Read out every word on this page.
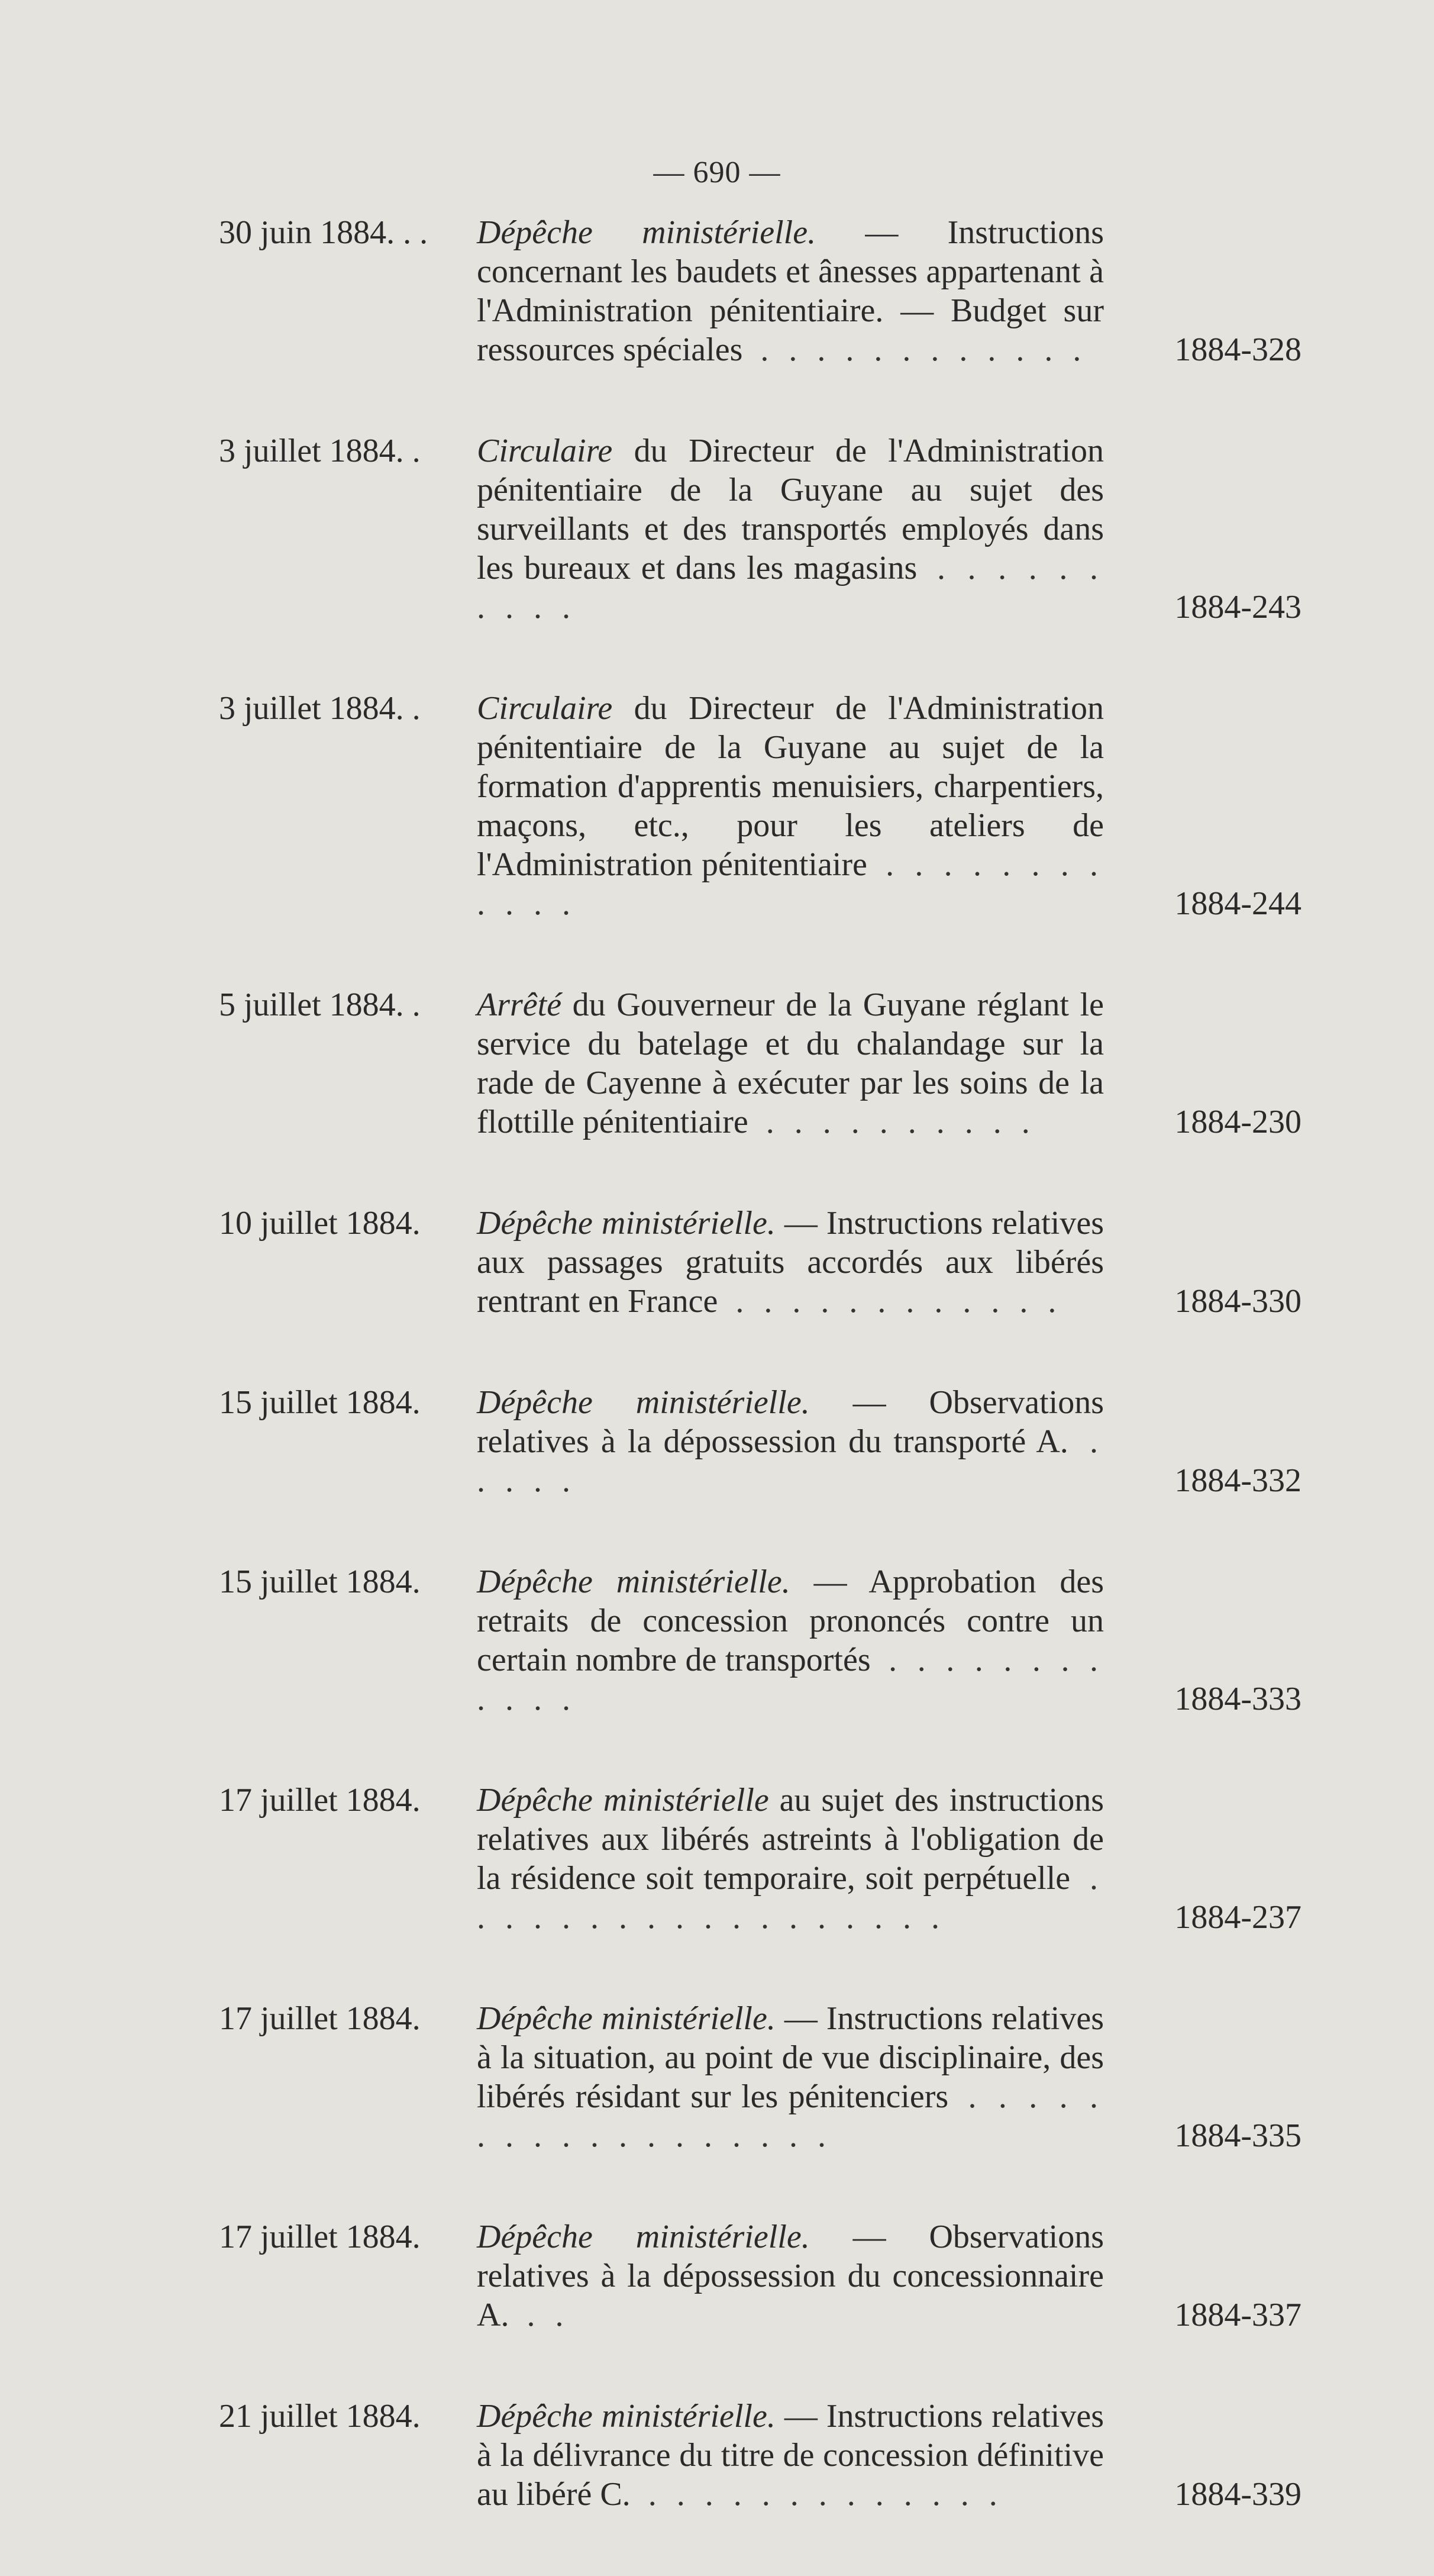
— 690 —
30 juin 1884. . .	Dépêche ministérielle. — Instructions concernant les baudets et ânesses appartenant à l'Administration pénitentiaire. — Budget sur ressources spéciales . . . . . . . . . . . .	1884-328
3 juillet 1884. .	Circulaire du Directeur de l'Administration pénitentiaire de la Guyane au sujet des surveillants et des transportés employés dans les bureaux et dans les magasins . . . . . . . . . .	1884-243
3 juillet 1884. .	Circulaire du Directeur de l'Administration pénitentiaire de la Guyane au sujet de la formation d'apprentis menuisiers, charpentiers, maçons, etc., pour les ateliers de l'Administration pénitentiaire . . . . . . . . . . . .	1884-244
5 juillet 1884. .	Arrêté du Gouverneur de la Guyane réglant le service du batelage et du chalandage sur la rade de Cayenne à exécuter par les soins de la flottille pénitentiaire . . . . . . . . . .	1884-230
10 juillet 1884.	Dépêche ministérielle. — Instructions relatives aux passages gratuits accordés aux libérés rentrant en France . . . . . . . . . . . .	1884-330
15 juillet 1884.	Dépêche ministérielle. — Observations relatives à la dépossession du transporté A. . . . . .	1884-332
15 juillet 1884.	Dépêche ministérielle. — Approbation des retraits de concession prononcés contre un certain nombre de transportés . . . . . . . . . . . .	1884-333
17 juillet 1884.	Dépêche ministérielle au sujet des instructions relatives aux libérés astreints à l'obligation de la résidence soit temporaire, soit perpétuelle . . . . . . . . . . . . . . . . . .	1884-237
17 juillet 1884.	Dépêche ministérielle. — Instructions relatives à la situation, au point de vue disciplinaire, des libérés résidant sur les pénitenciers . . . . . . . . . . . . . . . . . .	1884-335
17 juillet 1884.	Dépêche ministérielle. — Observations relatives à la dépossession du concessionnaire A. . .	1884-337
21 juillet 1884.	Dépêche ministérielle. — Instructions relatives à la délivrance du titre de concession définitive au libéré C. . . . . . . . . . . . . .	1884-339
